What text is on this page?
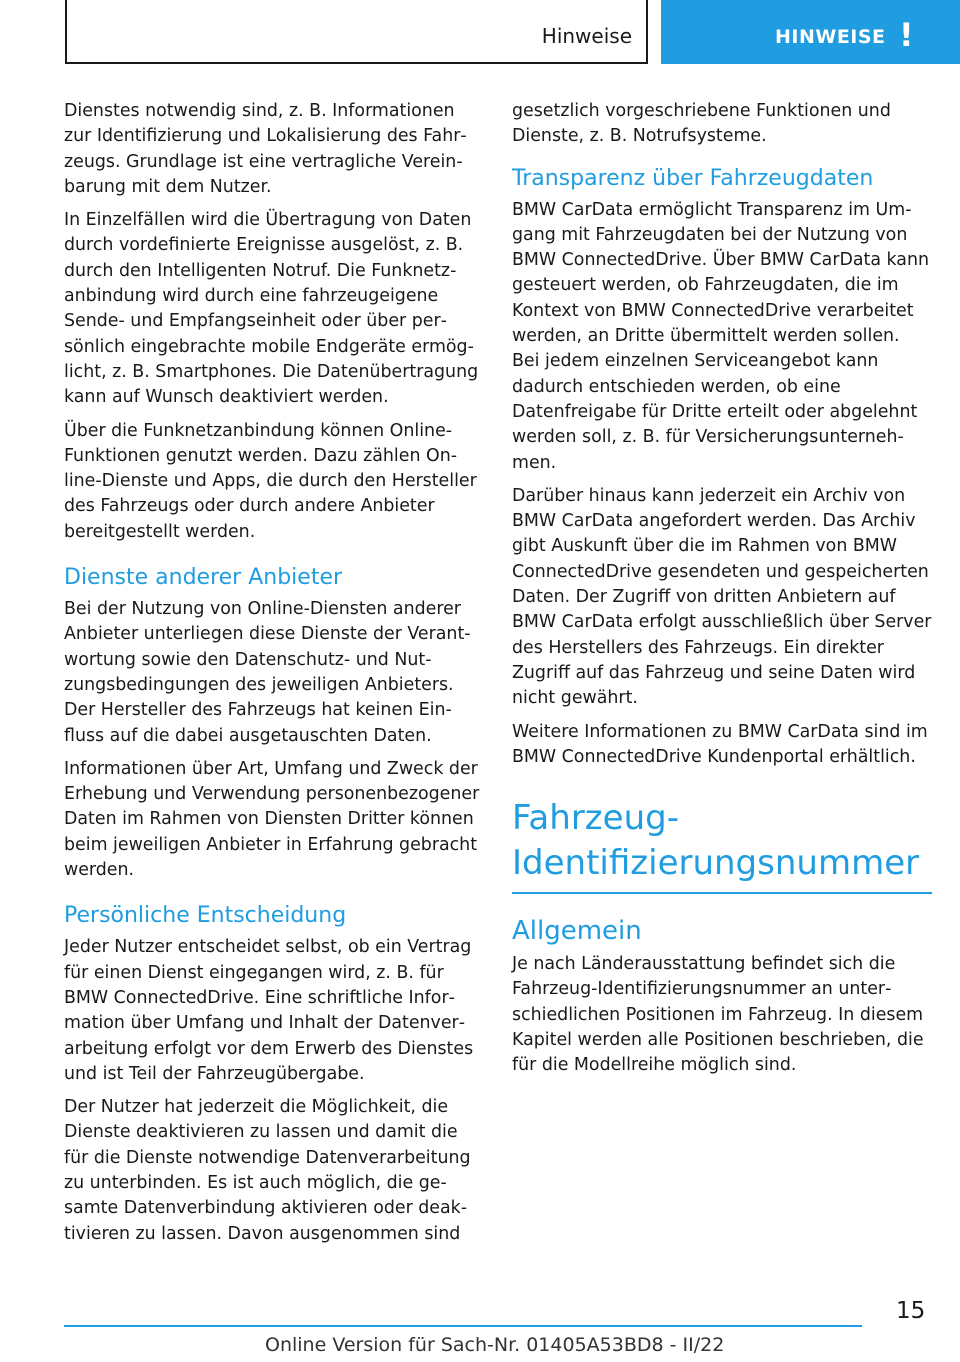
Hinweise	HINWEISE !

Dienstes notwendig sind, z. B. Informationen zur Identifizierung und Lokalisierung des Fahrzeugs. Grundlage ist eine vertragliche Vereinbarung mit dem Nutzer.

In Einzelfällen wird die Übertragung von Daten durch vordefinierte Ereignisse ausgelöst, z. B. durch den Intelligenten Notruf. Die Funknetzanbindung wird durch eine fahrzeugeigene Sende- und Empfangseinheit oder über persönlich eingebrachte mobile Endgeräte ermöglicht, z. B. Smartphones. Die Datenübertragung kann auf Wunsch deaktiviert werden.

Über die Funknetzanbindung können Online-Funktionen genutzt werden. Dazu zählen Online-Dienste und Apps, die durch den Hersteller des Fahrzeugs oder durch andere Anbieter bereitgestellt werden.

Dienste anderer Anbieter

Bei der Nutzung von Online-Diensten anderer Anbieter unterliegen diese Dienste der Verantwortung sowie den Datenschutz- und Nutzungsbedingungen des jeweiligen Anbieters. Der Hersteller des Fahrzeugs hat keinen Einfluss auf die dabei ausgetauschten Daten.

Informationen über Art, Umfang und Zweck der Erhebung und Verwendung personenbezogener Daten im Rahmen von Diensten Dritter können beim jeweiligen Anbieter in Erfahrung gebracht werden.

Persönliche Entscheidung

Jeder Nutzer entscheidet selbst, ob ein Vertrag für einen Dienst eingegangen wird, z. B. für BMW ConnectedDrive. Eine schriftliche Information über Umfang und Inhalt der Datenverarbeitung erfolgt vor dem Erwerb des Dienstes und ist Teil der Fahrzeugübergabe.

Der Nutzer hat jederzeit die Möglichkeit, die Dienste deaktivieren zu lassen und damit die für die Dienste notwendige Datenverarbeitung zu unterbinden. Es ist auch möglich, die gesamte Datenverbindung aktivieren oder deaktivieren zu lassen. Davon ausgenommen sind

gesetzlich vorgeschriebene Funktionen und Dienste, z. B. Notrufsysteme.

Transparenz über Fahrzeugdaten

BMW CarData ermöglicht Transparenz im Umgang mit Fahrzeugdaten bei der Nutzung von BMW ConnectedDrive. Über BMW CarData kann gesteuert werden, ob Fahrzeugdaten, die im Kontext von BMW ConnectedDrive verarbeitet werden, an Dritte übermittelt werden sollen. Bei jedem einzelnen Serviceangebot kann dadurch entschieden werden, ob eine Datenfreigabe für Dritte erteilt oder abgelehnt werden soll, z. B. für Versicherungsunternehmen.

Darüber hinaus kann jederzeit ein Archiv von BMW CarData angefordert werden. Das Archiv gibt Auskunft über die im Rahmen von BMW ConnectedDrive gesendeten und gespeicherten Daten. Der Zugriff von dritten Anbietern auf BMW CarData erfolgt ausschließlich über Server des Herstellers des Fahrzeugs. Ein direkter Zugriff auf das Fahrzeug und seine Daten wird nicht gewährt.

Weitere Informationen zu BMW CarData sind im BMW ConnectedDrive Kundenportal erhältlich.

Fahrzeug-Identifizierungsnummer
Allgemein

Je nach Länderausstattung befindet sich die Fahrzeug-Identifizierungsnummer an unterschiedlichen Positionen im Fahrzeug. In diesem Kapitel werden alle Positionen beschrieben, die für die Modellreihe möglich sind.

15
Online Version für Sach-Nr. 01405A53BD8 - II/22
